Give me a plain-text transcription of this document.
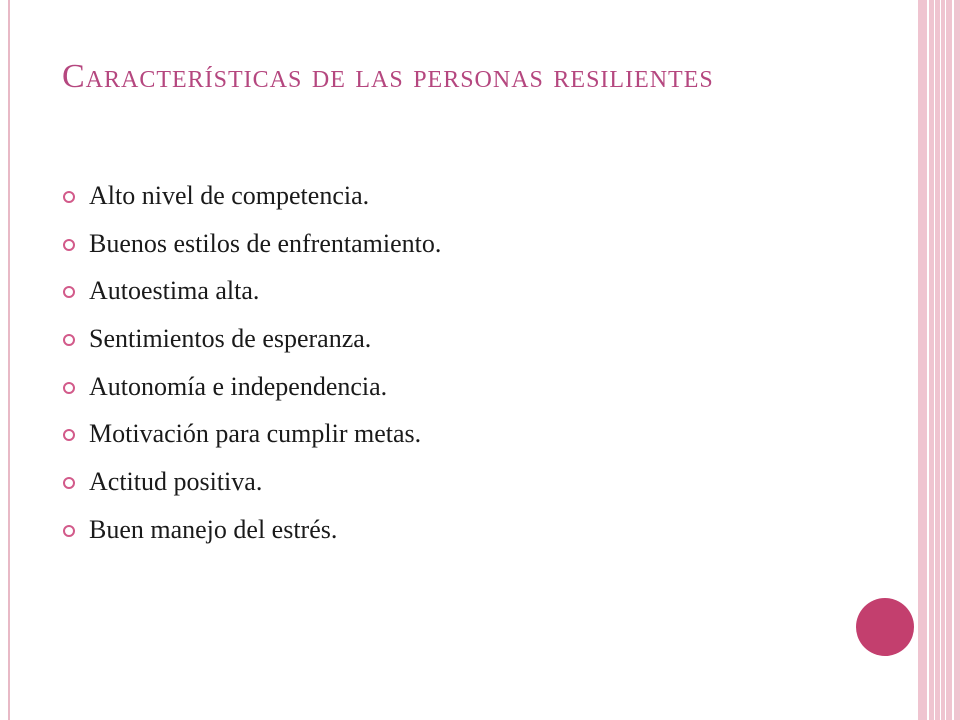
Características de las personas resilientes
Alto nivel de competencia.
Buenos estilos de enfrentamiento.
Autoestima alta.
Sentimientos de esperanza.
Autonomía e independencia.
Motivación para cumplir metas.
Actitud positiva.
Buen manejo del estrés.
